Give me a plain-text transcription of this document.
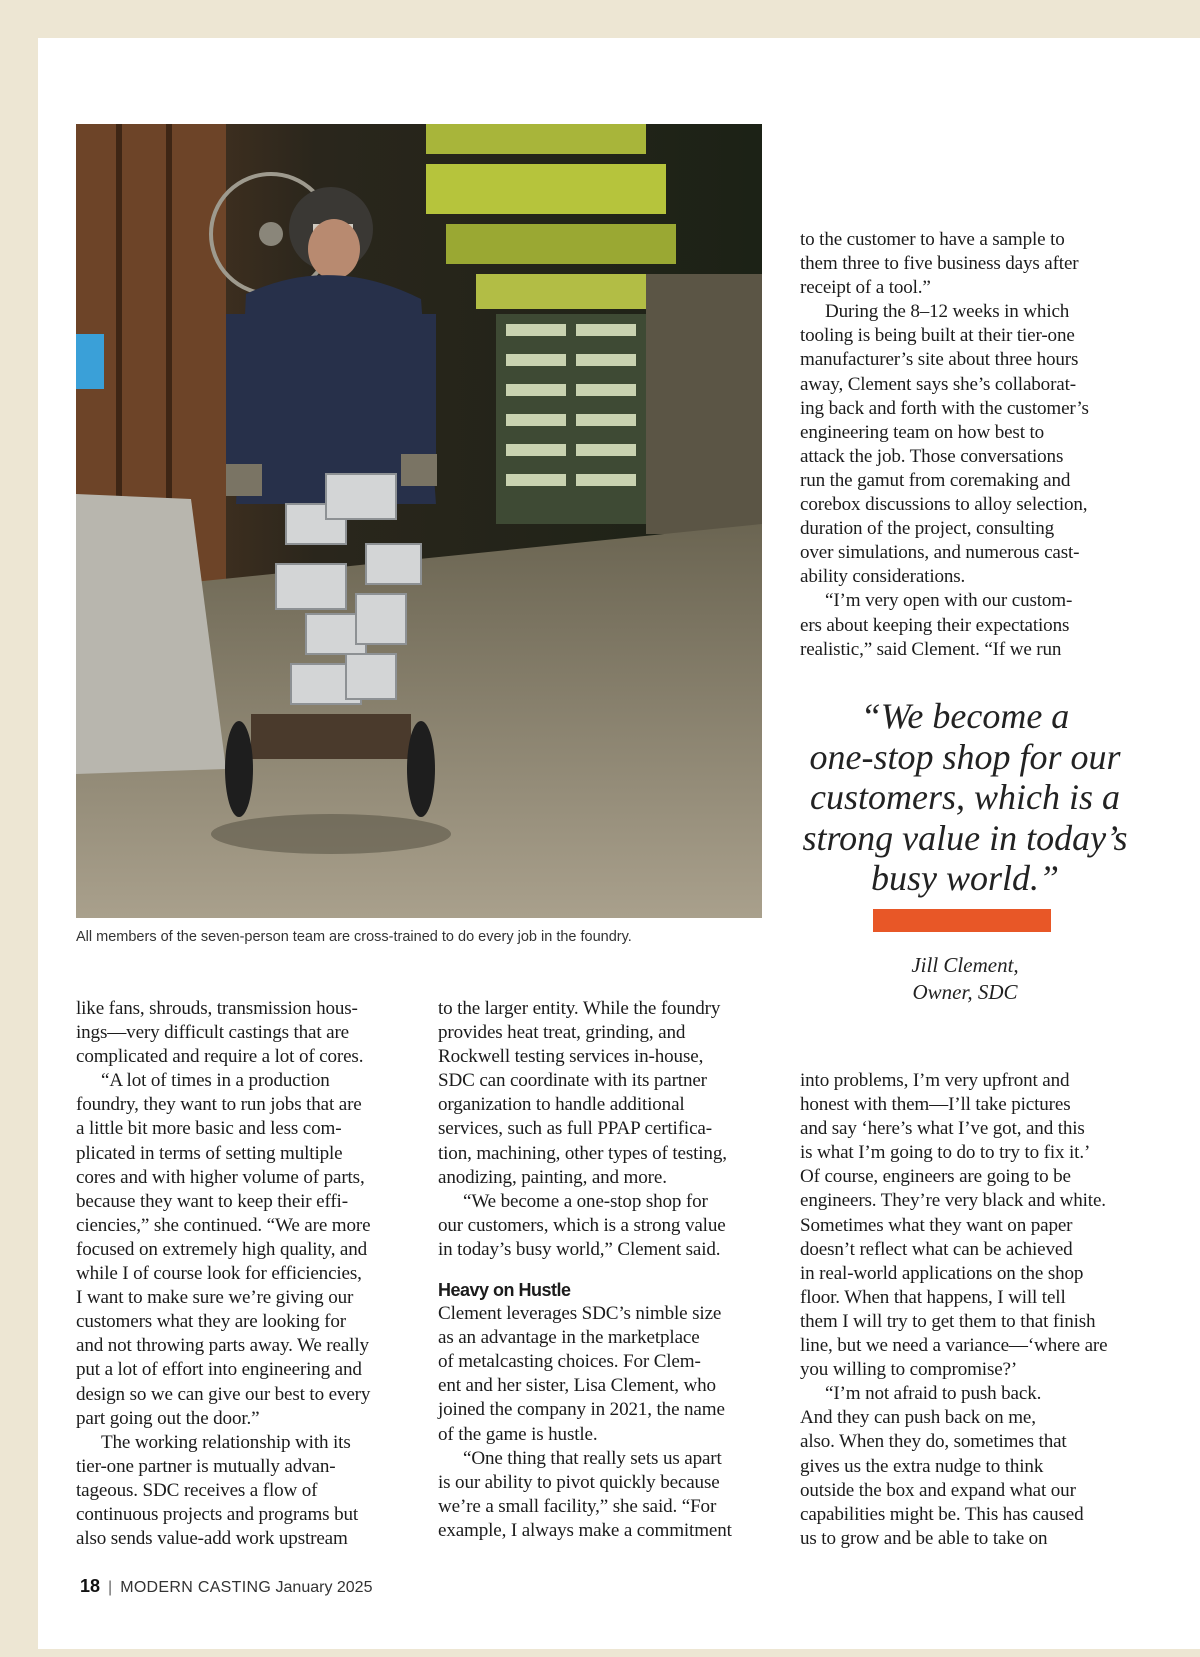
All members of the seven-person team are cross-trained to do every job in the foundry.

like fans, shrouds, transmission hous-

ings—very difficult castings that are

complicated and require a lot of cores.

“A lot of times in a production

foundry, they want to run jobs that are

a little bit more basic and less com-

plicated in terms of setting multiple

cores and with higher volume of parts,

because they want to keep their effi-

ciencies,” she continued. “We are more

focused on extremely high quality, and

while I of course look for efficiencies,

I want to make sure we’re giving our

customers what they are looking for

and not throwing parts away. We really

put a lot of effort into engineering and

design so we can give our best to every

part going out the door.”

The working relationship with its

tier-one partner is mutually advan-

tageous. SDC receives a flow of

continuous projects and programs but

also sends value-add work upstream

to the larger entity. While the foundry

provides heat treat, grinding, and

Rockwell testing services in-house,

SDC can coordinate with its partner

organization to handle additional

services, such as full PPAP certifica-

tion, machining, other types of testing,

anodizing, painting, and more.

“We become a one-stop shop for

our customers, which is a strong value

in today’s busy world,” Clement said.

Heavy on Hustle

Clement leverages SDC’s nimble size

as an advantage in the marketplace

of metalcasting choices. For Clem-

ent and her sister, Lisa Clement, who

joined the company in 2021, the name

of the game is hustle.

“One thing that really sets us apart

is our ability to pivot quickly because

we’re a small facility,” she said. “For

example, I always make a commitment

to the customer to have a sample to

them three to five business days after

receipt of a tool.”

During the 8–12 weeks in which

tooling is being built at their tier-one

manufacturer’s site about three hours

away, Clement says she’s collaborat-

ing back and forth with the customer’s

engineering team on how best to

attack the job. Those conversations

run the gamut from coremaking and

corebox discussions to alloy selection,

duration of the project, consulting

over simulations, and numerous cast-

ability considerations.

“I’m very open with our custom-

ers about keeping their expectations

realistic,” said Clement. “If we run

“We become a

one-stop shop for our

customers, which is a

strong value in today’s

busy world.”

Jill Clement,

Owner, SDC

into problems, I’m very upfront and

honest with them—I’ll take pictures

and say ‘here’s what I’ve got, and this

is what I’m going to do to try to fix it.’

Of course, engineers are going to be

engineers. They’re very black and white.

Sometimes what they want on paper

doesn’t reflect what can be achieved

in real-world applications on the shop

floor. When that happens, I will tell

them I will try to get them to that finish

line, but we need a variance—‘where are

you willing to compromise?’

“I’m not afraid to push back.

And they can push back on me,

also. When they do, sometimes that

gives us the extra nudge to think

outside the box and expand what our

capabilities might be. This has caused

us to grow and be able to take on

18 | MODERN CASTING January 2025
